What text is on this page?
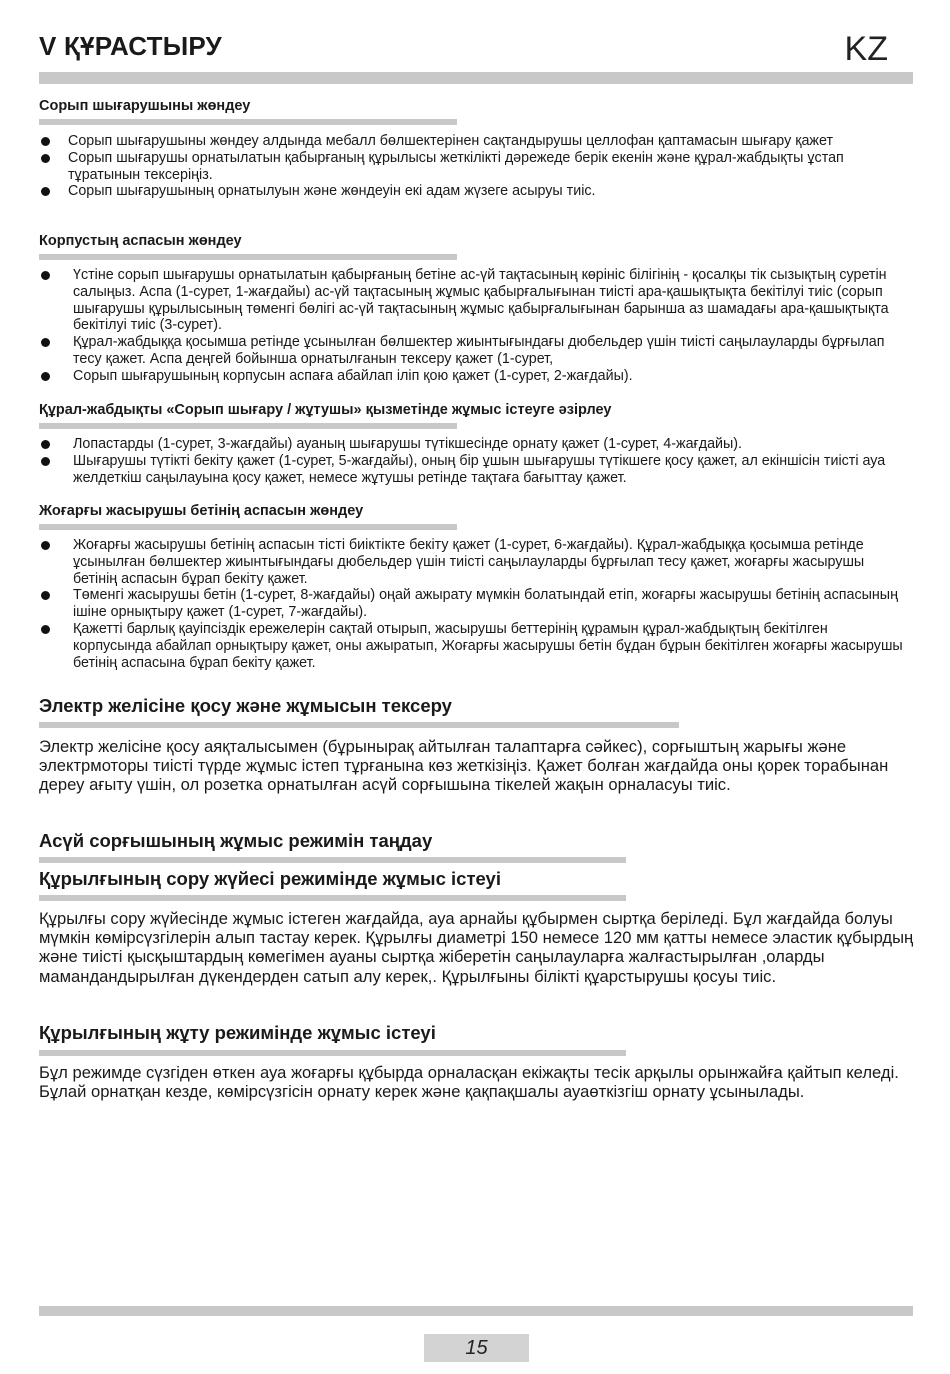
V ҚҰРАСТЫРУ	KZ
Сорып шығарушыны жөндеу
Сорып шығарушыны жөндеу алдында мебалл бөлшектерінен сақтандырушы целлофан қаптамасын шығару қажет
Сорып шығарушы орнатылатын қабырғаның құрылысы жеткілікті дәрежеде берік екенін және құрал-жабдықты ұстап тұратынын тексеріңіз.
Сорып шығарушының орнатылуын және жөндеуін екі адам жүзеге асыруы тиіс.
Корпустың аспасын жөндеу
Үстіне сорып шығарушы орнатылатын қабырғаның бетіне ас-үй тақтасының көрініс білігінің - қосалқы тік сызықтың суретін салыңыз. Аспа (1-сурет, 1-жағдайы) ас-үй тақтасының жұмыс қабырғалығынан тиісті ара-қашықтықта бекітілуі тиіс (сорып шығарушы құрылысының төменгі бөлігі ас-үй тақтасының жұмыс қабырғалығынан барынша аз шамадағы ара-қашықтықта бекітілуі тиіс (3-сурет).
Құрал-жабдыққа қосымша ретінде ұсынылған бөлшектер жиынтығындағы дюбельдер үшін тиісті саңылауларды бұрғылап тесу қажет. Аспа деңгей бойынша орнатылғанын тексеру қажет (1-сурет,
Сорып шығарушының корпусын аспаға абайлап іліп қою қажет (1-сурет, 2-жағдайы).
Құрал-жабдықты «Сорып шығару / жұтушы» қызметінде жұмыс істеуге әзірлеу
Лопастарды (1-сурет, 3-жағдайы) ауаның шығарушы түтікшесінде орнату қажет (1-сурет, 4-жағдайы).
Шығарушы түтікті бекіту қажет (1-сурет, 5-жағдайы), оның бір ұшын шығарушы түтікшеге қосу қажет, ал екіншісін тиісті ауа желдеткіш саңылауына қосу қажет, немесе жұтушы ретінде тақтаға бағыттау қажет.
Жоғарғы жасырушы бетінің аспасын жөндеу
Жоғарғы жасырушы бетінің аспасын тісті биіктікте бекіту қажет (1-сурет, 6-жағдайы). Құрал-жабдыққа қосымша ретінде ұсынылған бөлшектер жиынтығындағы дюбельдер үшін тиісті саңылауларды бұрғылап тесу қажет, жоғарғы жасырушы бетінің аспасын бұрап бекіту қажет.
Төменгі жасырушы бетін (1-сурет, 8-жағдайы) оңай ажырату мүмкін болатындай етіп, жоғарғы жасырушы бетінің аспасының ішіне орнықтыру қажет (1-сурет, 7-жағдайы).
Қажетті барлық қауіпсіздік ережелерін сақтай отырып, жасырушы беттерінің құрамын құрал-жабдықтың бекітілген корпусында абайлап орнықтыру қажет, оны ажыратып, Жоғарғы жасырушы бетін бұдан бұрын бекітілген жоғарғы жасырушы бетінің аспасына бұрап бекіту қажет.
Электр желісіне қосу және жұмысын тексеру

Электр желісіне қосу аяқталысымен (бұрынырақ айтылған талаптарға сәйкес), сорғыштың жарығы және электрмоторы тиісті түрде жұмыс істеп тұрғанына көз жеткізіңіз. Қажет болған жағдайда оны қорек торабынан дереу ағыту үшін, ол розетка орнатылған асүй сорғышына тікелей жақын орналасуы тиіс.

Асүй сорғышының жұмыс режимін таңдау
Құрылғының сору жүйесі режимінде жұмыс істеуі

Құрылғы сору жүйесінде жұмыс істеген жағдайда, ауа арнайы құбырмен сыртқа беріледі. Бұл жағдайда болуы мүмкін көмірсүзгілерін алып тастау керек. Құрылғы диаметрі 150 немесе 120 мм қатты немесе эластик құбырдың және тиісті қысқыштардың көмегімен ауаны сыртқа жіберетін саңылауларға жалғастырылған ,оларды мамандандырылған дүкендерден сатып алу керек,. Құрылғыны білікті құарстырушы қосуы тиіс.

Құрылғының жұту режимінде жұмыс істеуі

Бұл режимде сүзгіден өткен ауа жоғарғы құбырда орналасқан екіжақты тесік арқылы орынжайға қайтып келеді. Бұлай орнатқан кезде, көмірсүзгісін орнату керек және қақпақшалы ауаөткізгіш орнату ұсынылады.

15
